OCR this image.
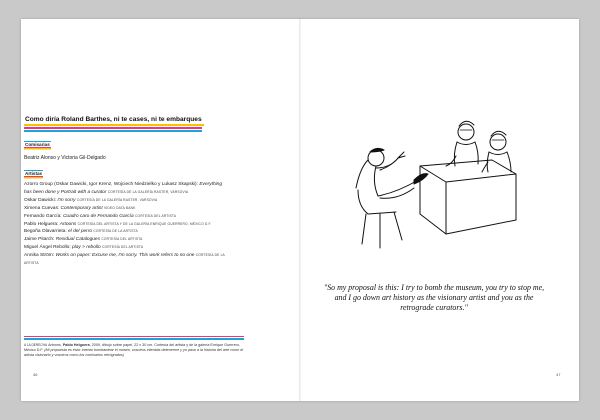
Como diría Roland Barthes, ni te cases, ni te embarques
Comisarias
Beatriz Alonso y Victoria Gil-Delgado
Artistas
Azorro Group (Oskar Dawicki, Igor Krenz, Wojciech Niedzielko y Lukasz Skapski): Everything
has been done y Portrait with a curator CORTESÍA DE LA GALERÍA RASTER, VARSOVIA
Oskar Dawicki: I'm sorry CORTESÍA DE LA GALERÍA RASTER, VARSOVIA
Ximena Cuevas: Contemporary artist VIDEO DATA BANK
Fernando García: Cuadro caro de Fernando García CORTESÍA DEL ARTISTA
Pablo Helguera: Artoons CORTESÍA DEL ARTISTA Y DE LA GALERÍA ENRIQUE GUERRERO, MÉXICO D.F.
Begoña Olavarrieta: el del perro CORTESÍA DE LA ARTISTA
Jaime Pitarch: Residual Catalogues CORTESÍA DEL ARTISTA
Miguel Ángel Rebollo: play > rebollo CORTESÍA DEL ARTISTA
Annika Ström: Works on paper: Excuse me, I'm sorry. This work refers to no one CORTESÍA DE LA
ARTISTA
A LA DERECHA Artoons, Pablo Helguera, 2009, dibujo sobre papel, 22 x 30 cm. Cortesía del artista y de la galería Enrique Guerrero, México D.F. (Mi propuesta es ésta: intento bombardear el museo, vosotros intentáis detenerme y yo paso a la historia del arte como el artista visionario y vosotros como los comisarios retrógrados)
46
"So my proposal is this: I try to bomb the museum, you try to stop me, and I go down art history as the visionary artist and you as the retrograde curators."
47
